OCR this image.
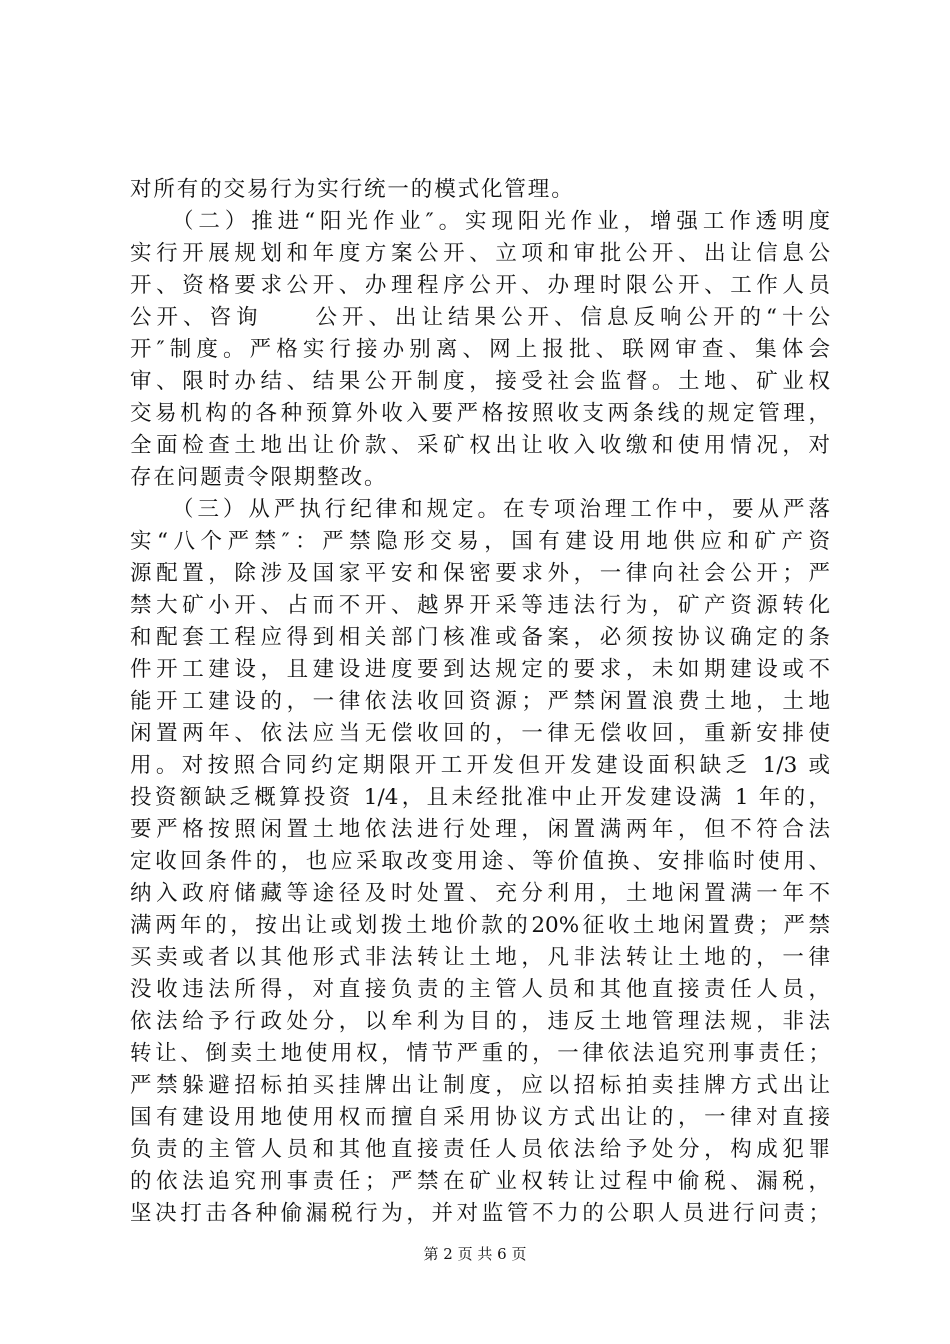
对所有的交易行为实行统一的模式化管理。
（二）推进“阳光作业″。实现阳光作业，增强工作透明度
实行开展规划和年度方案公开、立项和审批公开、出让信息公
开、资格要求公开、办理程序公开、办理时限公开、工作人员
公开、咨询　　公开、出让结果公开、信息反响公开的“十公
开″制度。严格实行接办别离、网上报批、联网审查、集体会
审、限时办结、结果公开制度，接受社会监督。土地、矿业权
交易机构的各种预算外收入要严格按照收支两条线的规定管理，
全面检查土地出让价款、采矿权出让收入收缴和使用情况，对
存在问题责令限期整改。
（三）从严执行纪律和规定。在专项治理工作中，要从严落
实“八个严禁″：严禁隐形交易，国有建设用地供应和矿产资
源配置，除涉及国家平安和保密要求外，一律向社会公开；严
禁大矿小开、占而不开、越界开采等违法行为，矿产资源转化
和配套工程应得到相关部门核准或备案，必须按协议确定的条
件开工建设，且建设进度要到达规定的要求，未如期建设或不
能开工建设的，一律依法收回资源；严禁闲置浪费土地，土地
闲置两年、依法应当无偿收回的，一律无偿收回，重新安排使
用。对按照合同约定期限开工开发但开发建设面积缺乏 1/3 或
投资额缺乏概算投资 1/4，且未经批准中止开发建设满 1 年的，
要严格按照闲置土地依法进行处理，闲置满两年，但不符合法
定收回条件的，也应采取改变用途、等价值换、安排临时使用、
纳入政府储藏等途径及时处置、充分利用，土地闲置满一年不
满两年的，按出让或划拨土地价款的20%征收土地闲置费；严禁
买卖或者以其他形式非法转让土地，凡非法转让土地的，一律
没收违法所得，对直接负责的主管人员和其他直接责任人员，
依法给予行政处分，以牟利为目的，违反土地管理法规，非法
转让、倒卖土地使用权，情节严重的，一律依法追究刑事责任；
严禁躲避招标拍买挂牌出让制度，应以招标拍卖挂牌方式出让
国有建设用地使用权而擅自采用协议方式出让的，一律对直接
负责的主管人员和其他直接责任人员依法给予处分，构成犯罪
的依法追究刑事责任；严禁在矿业权转让过程中偷税、漏税，
坚决打击各种偷漏税行为，并对监管不力的公职人员进行问责；
第 2 页 共 6 页
